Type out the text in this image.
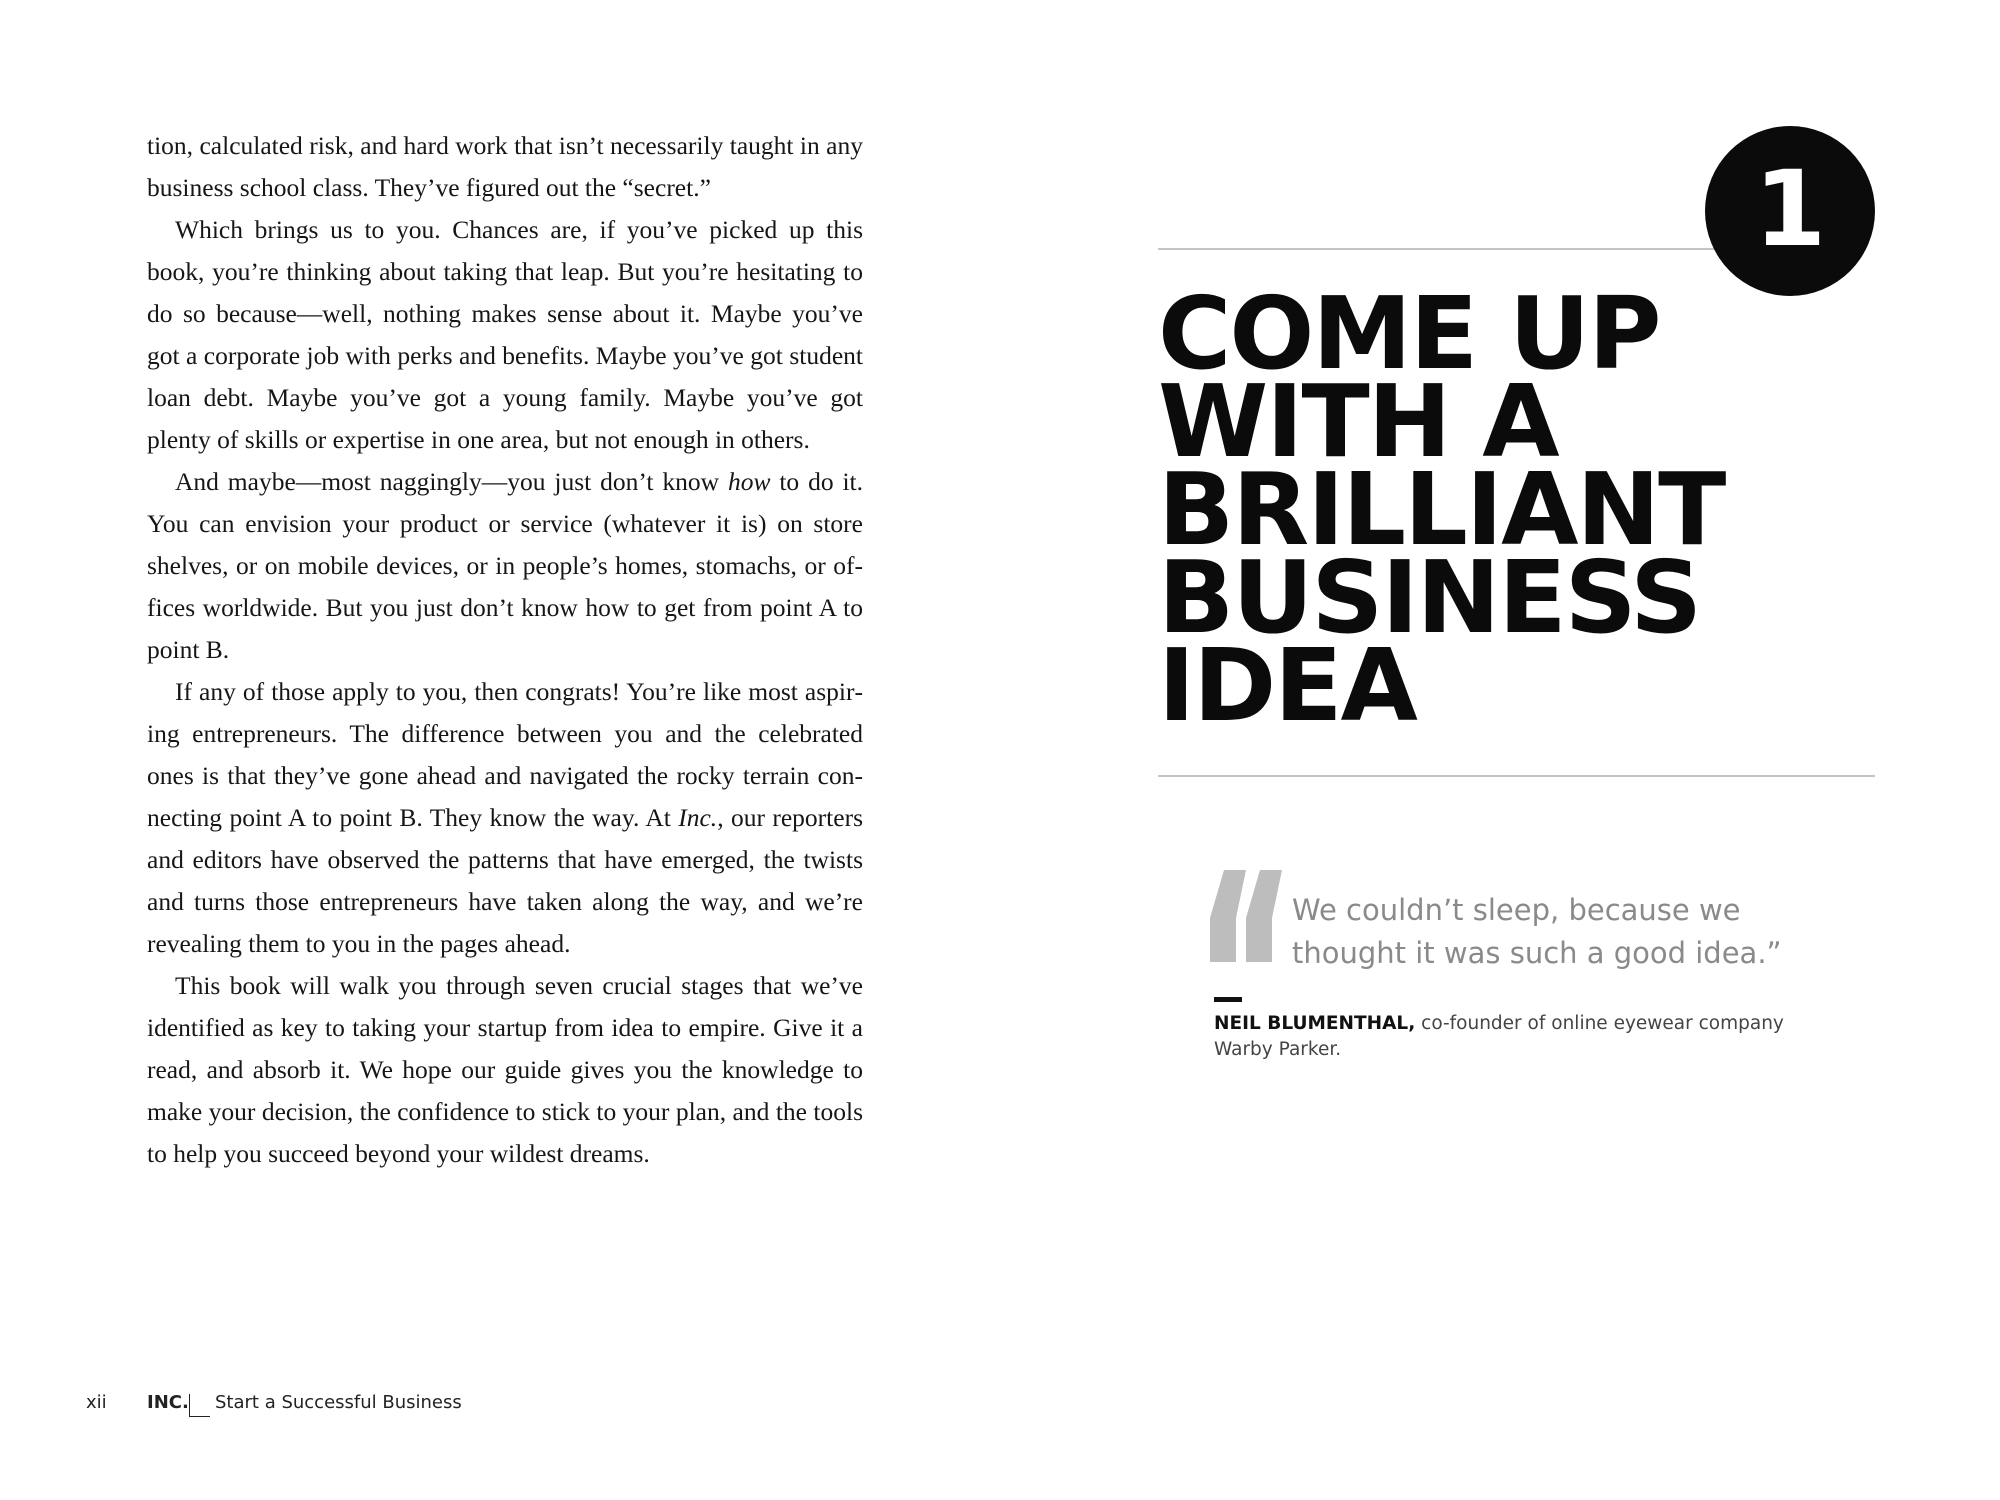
tion, calculated risk, and hard work that isn’t necessarily taught in any business school class. They’ve figured out the “secret.”

Which brings us to you. Chances are, if you’ve picked up this book, you’re thinking about taking that leap. But you’re hesitating to do so because—well, nothing makes sense about it. Maybe you’ve got a corporate job with perks and benefits. Maybe you’ve got student loan debt. Maybe you’ve got a young family. Maybe you’ve got plenty of skills or expertise in one area, but not enough in others.

And maybe—most naggingly—you just don’t know how to do it. You can envision your product or service (whatever it is) on store shelves, or on mobile devices, or in people’s homes, stomachs, or offices worldwide. But you just don’t know how to get from point A to point B.

If any of those apply to you, then congrats! You’re like most aspiring entrepreneurs. The difference between you and the celebrated ones is that they’ve gone ahead and navigated the rocky terrain connecting point A to point B. They know the way. At Inc., our reporters and editors have observed the patterns that have emerged, the twists and turns those entrepreneurs have taken along the way, and we’re revealing them to you in the pages ahead.

This book will walk you through seven crucial stages that we’ve identified as key to taking your startup from idea to empire. Give it a read, and absorb it. We hope our guide gives you the knowledge to make your decision, the confidence to stick to your plan, and the tools to help you succeed beyond your wildest dreams.

xii INC. Start a Successful Business
1
COME UP
WITH A
BRILLIANT
BUSINESS
IDEA
We couldn’t sleep, because we thought it was such a good idea.”
NEIL BLUMENTHAL, co-founder of online eyewear company Warby Parker.
